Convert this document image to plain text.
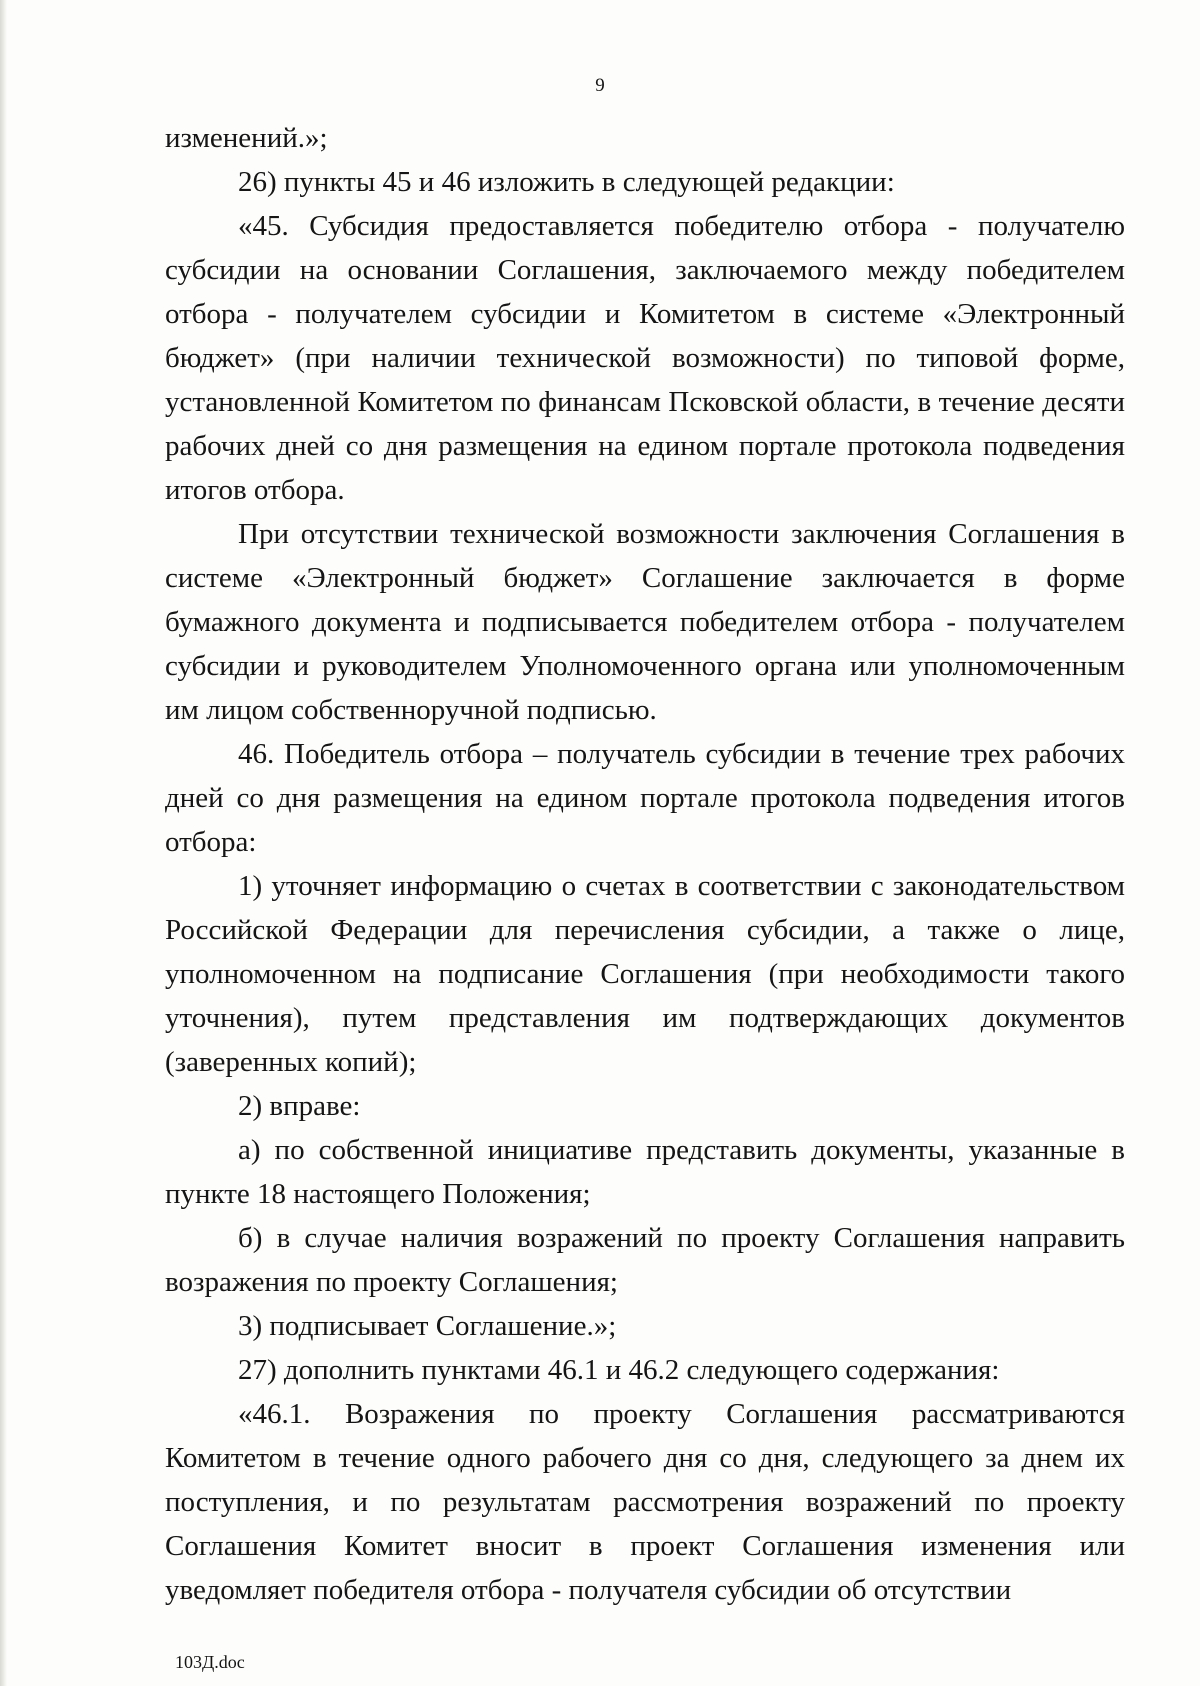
9

изменений.»;

26) пункты 45 и 46 изложить в следующей редакции:

«45. Субсидия предоставляется победителю отбора - получателю субсидии на основании Соглашения, заключаемого между победителем отбора - получателем субсидии и Комитетом в системе «Электронный бюджет» (при наличии технической возможности) по типовой форме, установленной Комитетом по финансам Псковской области, в течение десяти рабочих дней со дня размещения на едином портале протокола подведения итогов отбора.

При отсутствии технической возможности заключения Соглашения в системе «Электронный бюджет» Соглашение заключается в форме бумажного документа и подписывается победителем отбора - получателем субсидии и руководителем Уполномоченного органа или уполномоченным им лицом собственноручной подписью.

46. Победитель отбора – получатель субсидии в течение трех рабочих дней со дня размещения на едином портале протокола подведения итогов отбора:

1) уточняет информацию о счетах в соответствии с законодательством Российской Федерации для перечисления субсидии, а также о лице, уполномоченном на подписание Соглашения (при необходимости такого уточнения), путем представления им подтверждающих документов (заверенных копий);

2) вправе:

а) по собственной инициативе представить документы, указанные в пункте 18 настоящего Положения;

б) в случае наличия возражений по проекту Соглашения направить возражения по проекту Соглашения;

3) подписывает Соглашение.»;

27) дополнить пунктами 46.1 и 46.2 следующего содержания:

«46.1. Возражения по проекту Соглашения рассматриваются Комитетом в течение одного рабочего дня со дня, следующего за днем их поступления, и по результатам рассмотрения возражений по проекту Соглашения Комитет вносит в проект Соглашения изменения или уведомляет победителя отбора - получателя субсидии об отсутствии

103Д.doc
